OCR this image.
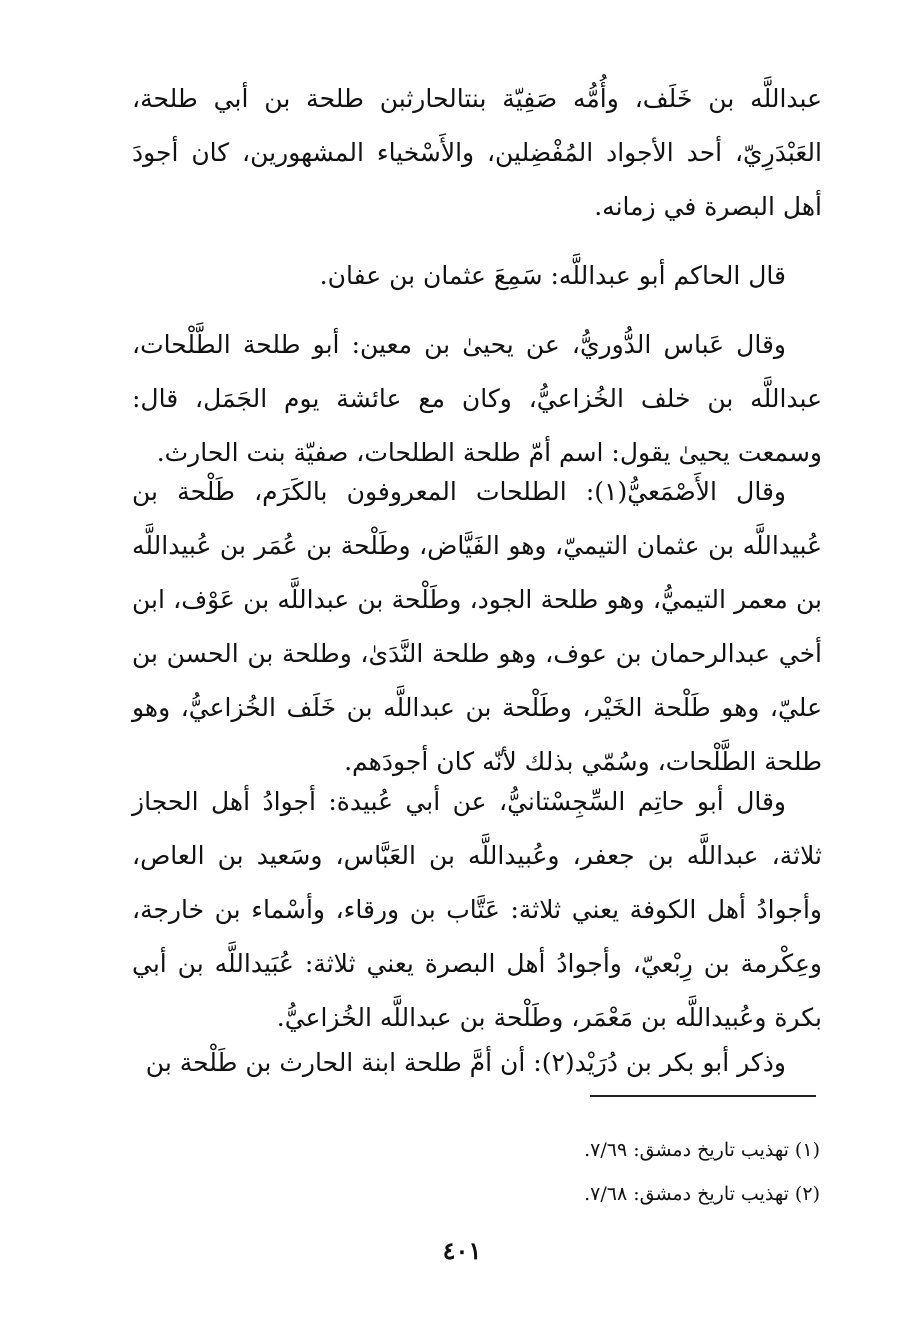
عبداللَّه بن خَلَف، وأُمُّه صَفِيّة بنتالحارثبن طلحة بن أبي طلحة، العَبْدَرِيّ، أحد الأجواد المُفْضِلين، والأَسْخياء المشهورين، كان أجودَ أهل البصرة في زمانه.

قال الحاكم أبو عبداللَّه: سَمِعَ عثمان بن عفان.

وقال عَباس الدُّوريُّ، عن يحيىٰ بن معين: أبو طلحة الطَّلْحات، عبداللَّه بن خلف الخُزاعيُّ، وكان مع عائشة يوم الجَمَل، قال: وسمعت يحيىٰ يقول: اسم أمّ طلحة الطلحات، صفيّة بنت الحارث.

وقال الأَصْمَعيُّ(١): الطلحات المعروفون بالكَرَم، طَلْحة بن عُبيداللَّه بن عثمان التيميّ، وهو الفَيَّاض، وطَلْحة بن عُمَر بن عُبيداللَّه بن معمر التيميُّ، وهو طلحة الجود، وطَلْحة بن عبداللَّه بن عَوْف، ابن أخي عبدالرحمان بن عوف، وهو طلحة النَّدَىٰ، وطلحة بن الحسن بن عليّ، وهو طَلْحة الخَيْر، وطَلْحة بن عبداللَّه بن خَلَف الخُزاعيُّ، وهو طلحة الطَّلْحات، وسُمّي بذلك لأنّه كان أجودَهم.

وقال أبو حاتِم السِّجِسْتانيُّ، عن أبي عُبيدة: أجوادُ أهل الحجاز ثلاثة، عبداللَّه بن جعفر، وعُبيداللَّه بن العَبَّاس، وسَعيد بن العاص، وأجوادُ أهل الكوفة يعني ثلاثة: عَتَّاب بن ورقاء، وأسْماء بن خارجة، وعِكْرمة بن رِبْعيّ، وأجوادُ أهل البصرة يعني ثلاثة: عُبَيداللَّه بن أبي بكرة وعُبيداللَّه بن مَعْمَر، وطَلْحة بن عبداللَّه الخُزاعيُّ.

وذكر أبو بكر بن دُرَيْد(٢): أن أمَّ طلحة ابنة الحارث بن طَلْحة بن

(١) تهذيب تاريخ دمشق: ٧/٦٩.

(٢) تهذيب تاريخ دمشق: ٧/٦٨.

٤٠١
